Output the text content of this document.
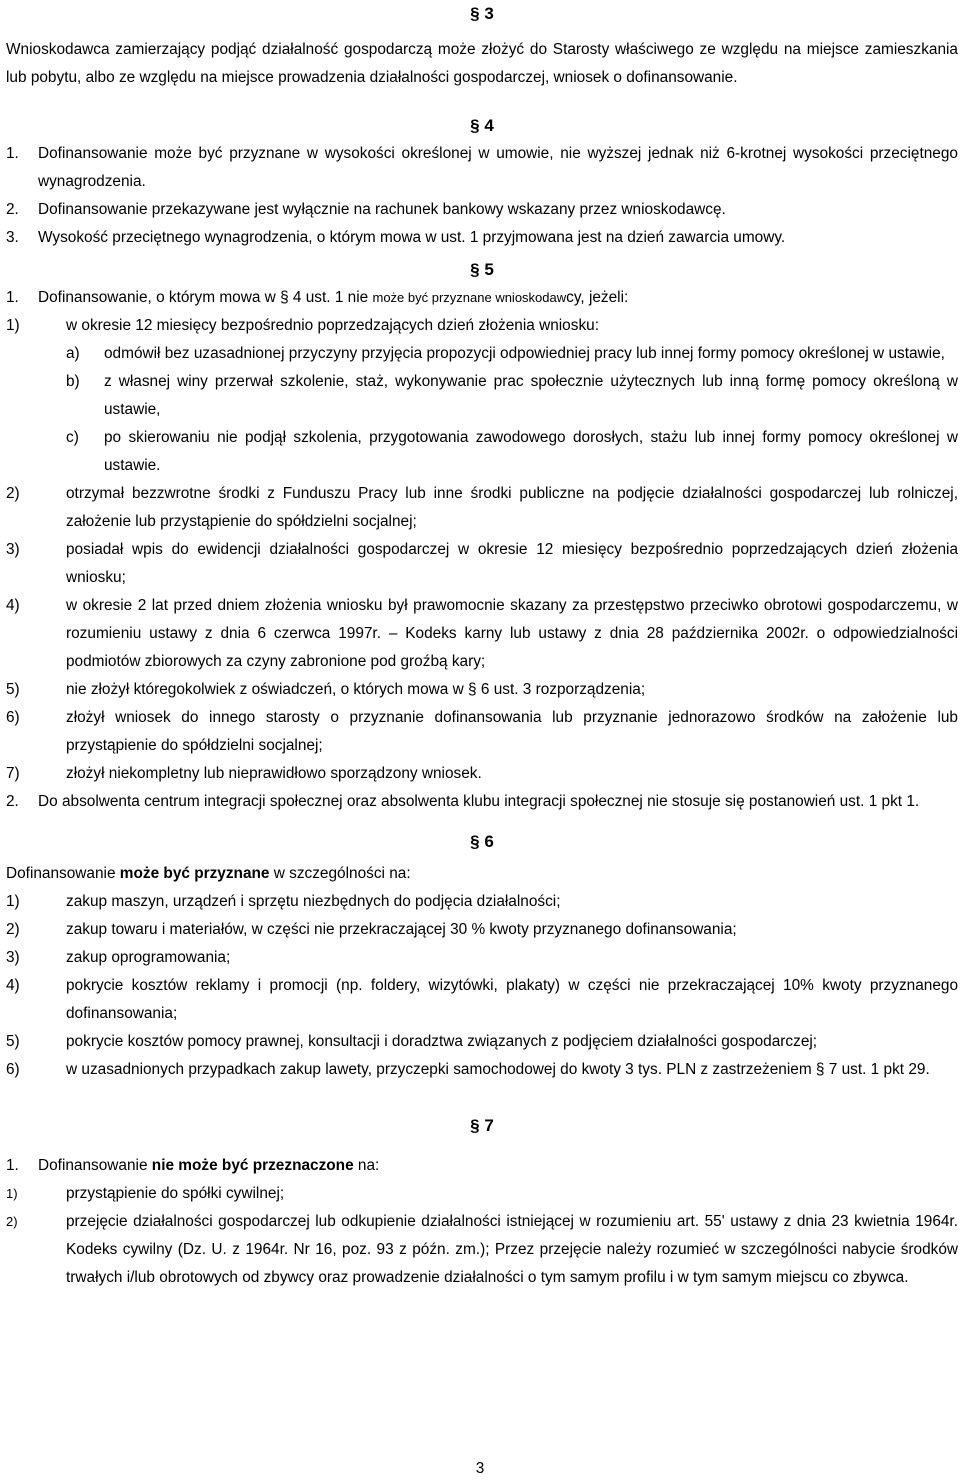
§ 3

Wnioskodawca zamierzający podjąć działalność gospodarczą może złożyć do Starosty właściwego ze względu na miejsce zamieszkania lub pobytu, albo ze względu na miejsce prowadzenia działalności gospodarczej, wniosek o dofinansowanie.

§ 4
1.	Dofinansowanie może być przyznane w wysokości określonej w umowie, nie wyższej jednak niż 6-krotnej wysokości przeciętnego wynagrodzenia.
2.	Dofinansowanie przekazywane jest wyłącznie na rachunek bankowy wskazany przez wnioskodawcę.
3.	Wysokość przeciętnego wynagrodzenia, o którym mowa w ust. 1 przyjmowana jest na dzień zawarcia umowy.
§ 5
1.	Dofinansowanie, o którym mowa w § 4 ust. 1 nie może być przyznane wnioskodawcy, jeżeli:
1)	w okresie 12 miesięcy bezpośrednio poprzedzających dzień złożenia wniosku:
a)	odmówił bez uzasadnionej przyczyny przyjęcia propozycji odpowiedniej pracy lub innej formy pomocy określonej w ustawie,
b)	z własnej winy przerwał szkolenie, staż, wykonywanie prac społecznie użytecznych lub inną formę pomocy określoną w ustawie,
c)	po skierowaniu nie podjął szkolenia, przygotowania zawodowego dorosłych, stażu lub innej formy pomocy określonej w ustawie.
2)	otrzymał bezzwrotne środki z Funduszu Pracy lub inne środki publiczne na podjęcie działalności gospodarczej lub rolniczej, założenie lub przystąpienie do spółdzielni socjalnej;
3)	posiadał wpis do ewidencji działalności gospodarczej w okresie 12 miesięcy bezpośrednio poprzedzających dzień złożenia wniosku;
4)	w okresie 2 lat przed dniem złożenia wniosku był prawomocnie skazany za przestępstwo przeciwko obrotowi gospodarczemu, w rozumieniu ustawy z dnia 6 czerwca 1997r. – Kodeks karny lub ustawy z dnia 28 października 2002r. o odpowiedzialności podmiotów zbiorowych za czyny zabronione pod groźbą kary;
5)	nie złożył któregokolwiek z oświadczeń, o których mowa w § 6 ust. 3 rozporządzenia;
6)	złożył wniosek do innego starosty o przyznanie dofinansowania lub przyznanie jednorazowo środków na założenie lub przystąpienie do spółdzielni socjalnej;
7)	złożył niekompletny lub nieprawidłowo sporządzony wniosek.
2.	Do absolwenta centrum integracji społecznej oraz absolwenta klubu integracji społecznej nie stosuje się postanowień ust. 1 pkt 1.
§ 6

Dofinansowanie może być przyznane w szczególności na:

1)	zakup maszyn, urządzeń i sprzętu niezbędnych do podjęcia działalności;
2)	zakup towaru i materiałów, w części nie przekraczającej 30 % kwoty przyznanego dofinansowania;
3)	zakup oprogramowania;
4)	pokrycie kosztów reklamy i promocji (np. foldery, wizytówki, plakaty) w części nie przekraczającej 10% kwoty przyznanego dofinansowania;
5)	pokrycie kosztów pomocy prawnej, konsultacji i doradztwa związanych z podjęciem działalności gospodarczej;
6)	w uzasadnionych przypadkach zakup lawety, przyczepki samochodowej do kwoty 3 tys. PLN z zastrzeżeniem § 7 ust. 1 pkt 29.
§ 7
1.	Dofinansowanie nie może być przeznaczone na:
1)	przystąpienie do spółki cywilnej;
2)	przejęcie działalności gospodarczej lub odkupienie działalności istniejącej w rozumieniu art. 55' ustawy z dnia 23 kwietnia 1964r. Kodeks cywilny (Dz. U. z 1964r. Nr 16, poz. 93 z późn. zm.); Przez przejęcie należy rozumieć w szczególności nabycie środków trwałych i/lub obrotowych od zbywcy oraz prowadzenie działalności o tym samym profilu i w tym samym miejscu co zbywca.
3
